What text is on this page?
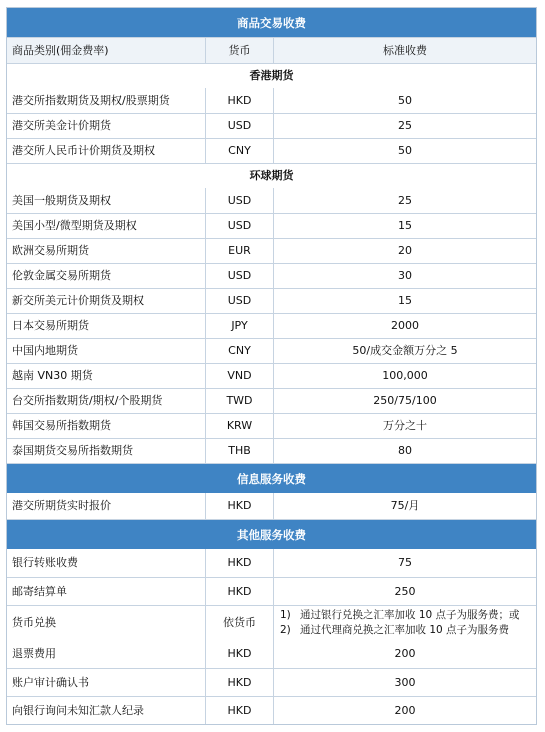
商品交易收费
商品类别(佣金费率)	货币	标准收费
香港期货
港交所指数期货及期权/股票期货	HKD	50
港交所美金计价期货	USD	25
港交所人民币计价期货及期权	CNY	50
环球期货
美国一般期货及期权	USD	25
美国小型/微型期货及期权	USD	15
欧洲交易所期货	EUR	20
伦敦金属交易所期货	USD	30
新交所美元计价期货及期权	USD	15
日本交易所期货	JPY	2000
中国内地期货	CNY	50/成交金额万分之 5
越南 VN30 期货	VND	100,000
台交所指数期货/期权/个股期货	TWD	250/75/100
韩国交易所指数期货	KRW	万分之十
泰国期货交易所指数期货	THB	80
信息服务收费
港交所期货实时报价	HKD	75/月
其他服务收费
银行转账收费	HKD	75
邮寄结算单	HKD	250
货币兑换	依货币
1) 通过银行兑换之汇率加收 10 点子为服务费；或
2) 通过代理商兑换之汇率加收 10 点子为服务费
退票费用	HKD	200
账户审计确认书	HKD	300
向银行询问未知汇款人纪录	HKD	200
